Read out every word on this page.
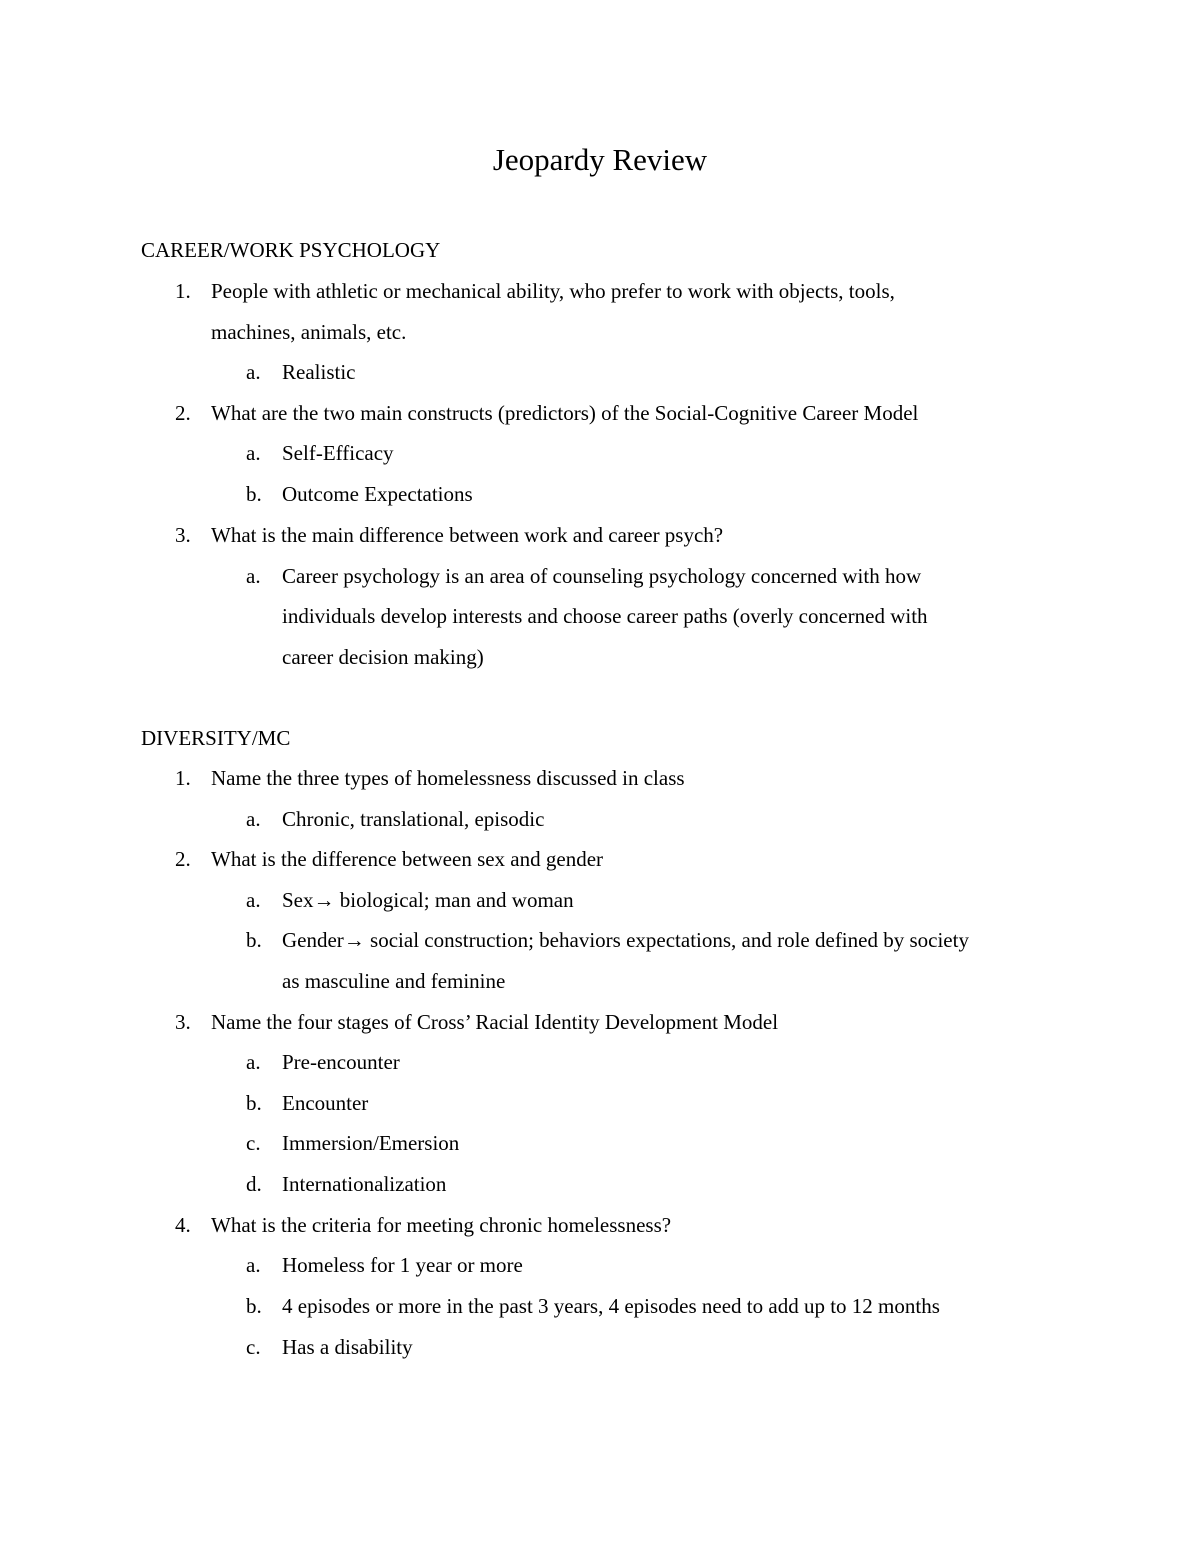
Jeopardy Review
CAREER/WORK PSYCHOLOGY
1. People with athletic or mechanical ability, who prefer to work with objects, tools,
machines, animals, etc.
a. Realistic
2. What are the two main constructs (predictors) of the Social-Cognitive Career Model
a. Self-Efficacy
b. Outcome Expectations
3. What is the main difference between work and career psych?
a. Career psychology is an area of counseling psychology concerned with how
individuals develop interests and choose career paths (overly concerned with
career decision making)
DIVERSITY/MC
1. Name the three types of homelessness discussed in class
a. Chronic, translational, episodic
2. What is the difference between sex and gender
a. Sex→ biological; man and woman
b. Gender→ social construction; behaviors expectations, and role defined by society
as masculine and feminine
3. Name the four stages of Cross’ Racial Identity Development Model
a. Pre-encounter
b. Encounter
c. Immersion/Emersion
d. Internationalization
4. What is the criteria for meeting chronic homelessness?
a. Homeless for 1 year or more
b. 4 episodes or more in the past 3 years, 4 episodes need to add up to 12 months
c. Has a disability
